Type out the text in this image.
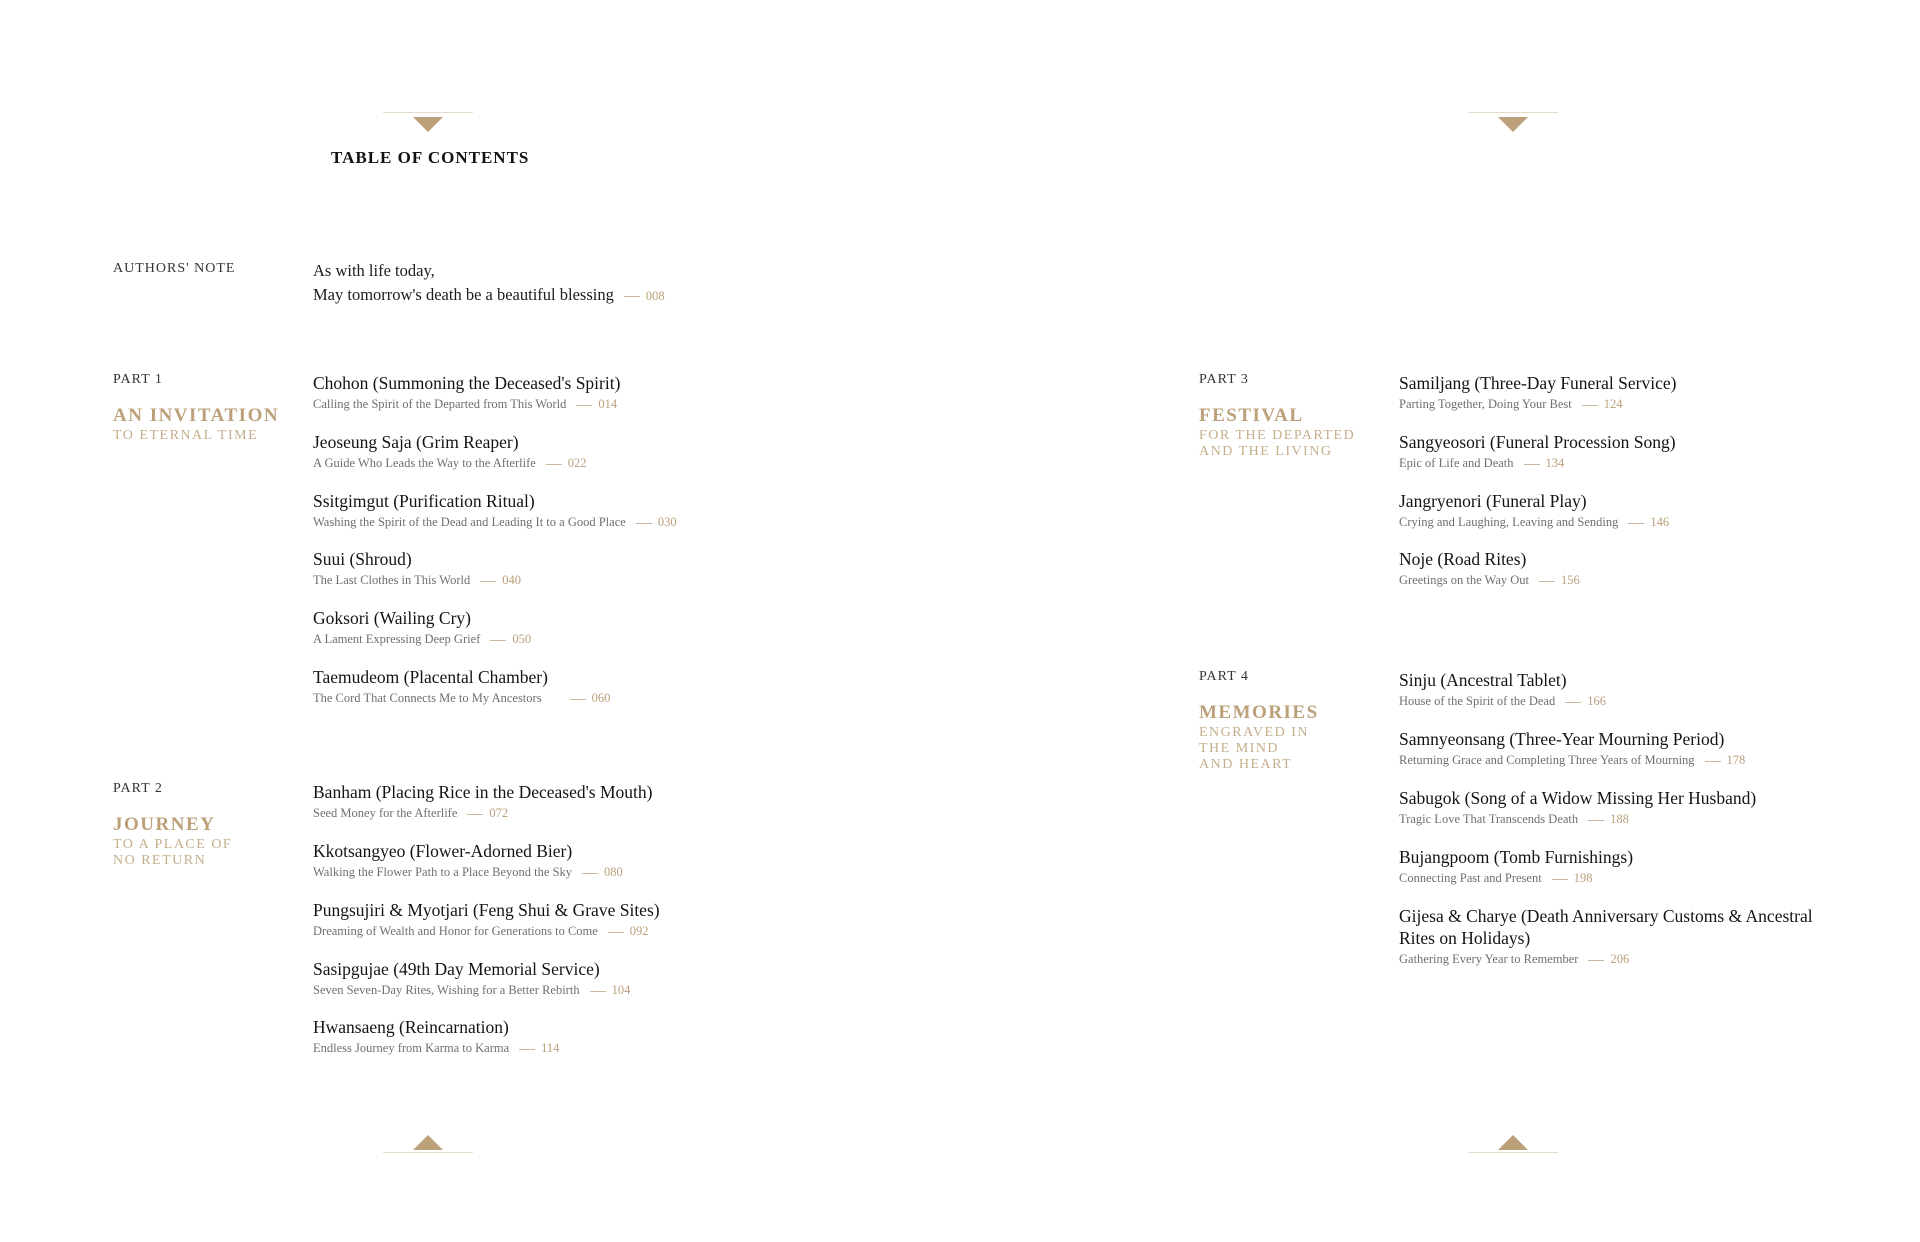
TABLE OF CONTENTS
AUTHORS' NOTE	As with life today,
May tomorrow's death be a beautiful blessing	008
PART 1
AN INVITATION
TO ETERNAL TIME
Chohon (Summoning the Deceased's Spirit)
Calling the Spirit of the Departed from This World	014
Jeoseung Saja (Grim Reaper)
A Guide Who Leads the Way to the Afterlife	022
Ssitgimgut (Purification Ritual)
Washing the Spirit of the Dead and Leading It to a Good Place	030
Suui (Shroud)
The Last Clothes in This World	040
Goksori (Wailing Cry)
A Lament Expressing Deep Grief	050
Taemudeom (Placental Chamber)
The Cord That Connects Me to My Ancestors	060
PART 2
JOURNEY
TO A PLACE OF
NO RETURN
Banham (Placing Rice in the Deceased's Mouth)
Seed Money for the Afterlife	072
Kkotsangyeo (Flower-Adorned Bier)
Walking the Flower Path to a Place Beyond the Sky	080
Pungsujiri & Myotjari (Feng Shui & Grave Sites)
Dreaming of Wealth and Honor for Generations to Come	092
Sasipgujae (49th Day Memorial Service)
Seven Seven-Day Rites, Wishing for a Better Rebirth	104
Hwansaeng (Reincarnation)
Endless Journey from Karma to Karma	114
PART 3
FESTIVAL
FOR THE DEPARTED
AND THE LIVING
Samiljang (Three-Day Funeral Service)
Parting Together, Doing Your Best	124
Sangyeosori (Funeral Procession Song)
Epic of Life and Death	134
Jangryenori (Funeral Play)
Crying and Laughing, Leaving and Sending	146
Noje (Road Rites)
Greetings on the Way Out	156
PART 4
MEMORIES
ENGRAVED IN
THE MIND
AND HEART
Sinju (Ancestral Tablet)
House of the Spirit of the Dead	166
Samnyeonsang (Three-Year Mourning Period)
Returning Grace and Completing Three Years of Mourning	178
Sabugok (Song of a Widow Missing Her Husband)
Tragic Love That Transcends Death	188
Bujangpoom (Tomb Furnishings)
Connecting Past and Present	198
Gijesa & Charye (Death Anniversary Customs & Ancestral Rites on Holidays)
Gathering Every Year to Remember	206
